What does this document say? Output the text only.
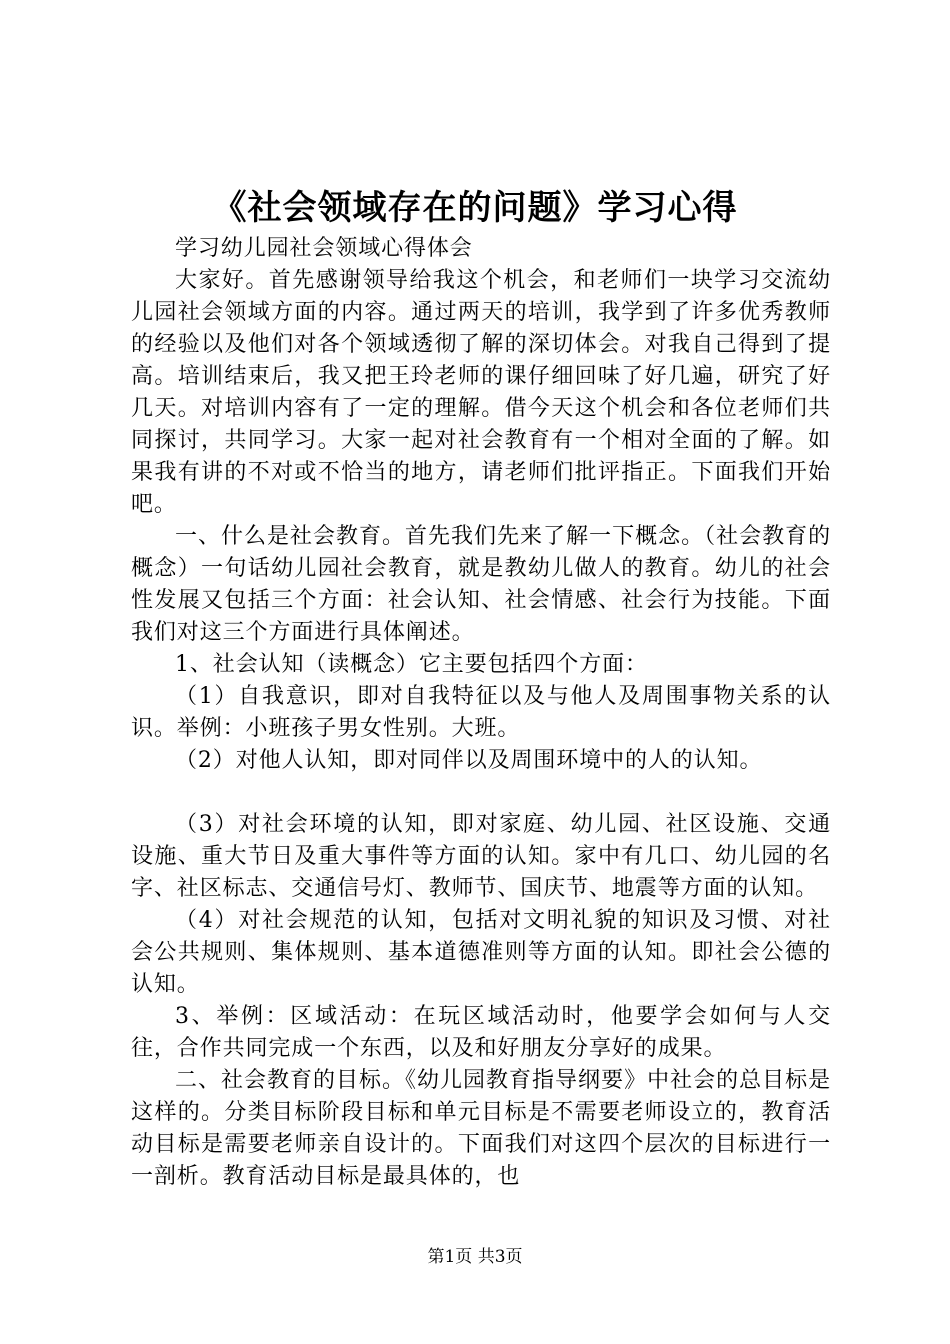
《社会领域存在的问题》学习心得

学习幼儿园社会领域心得体会

大家好。首先感谢领导给我这个机会，和老师们一块学习交流幼儿园社会领域方面的内容。通过两天的培训，我学到了许多优秀教师的经验以及他们对各个领域透彻了解的深切体会。对我自己得到了提高。培训结束后，我又把王玲老师的课仔细回味了好几遍，研究了好几天。对培训内容有了一定的理解。借今天这个机会和各位老师们共同探讨，共同学习。大家一起对社会教育有一个相对全面的了解。如果我有讲的不对或不恰当的地方，请老师们批评指正。下面我们开始吧。

一、什么是社会教育。首先我们先来了解一下概念。（社会教育的概念）一句话幼儿园社会教育，就是教幼儿做人的教育。幼儿的社会性发展又包括三个方面：社会认知、社会情感、社会行为技能。下面我们对这三个方面进行具体阐述。

1、社会认知（读概念）它主要包括四个方面：

（1）自我意识，即对自我特征以及与他人及周围事物关系的认识。举例：小班孩子男女性别。大班。

（2）对他人认知，即对同伴以及周围环境中的人的认知。

（3）对社会环境的认知，即对家庭、幼儿园、社区设施、交通设施、重大节日及重大事件等方面的认知。家中有几口、幼儿园的名字、社区标志、交通信号灯、教师节、国庆节、地震等方面的认知。

（4）对社会规范的认知，包括对文明礼貌的知识及习惯、对社会公共规则、集体规则、基本道德准则等方面的认知。即社会公德的认知。

3、举例：区域活动：在玩区域活动时，他要学会如何与人交往，合作共同完成一个东西，以及和好朋友分享好的成果。

二、社会教育的目标。《幼儿园教育指导纲要》中社会的总目标是这样的。分类目标阶段目标和单元目标是不需要老师设立的，教育活动目标是需要老师亲自设计的。下面我们对这四个层次的目标进行一一剖析。教育活动目标是最具体的，也

第1页 共3页
